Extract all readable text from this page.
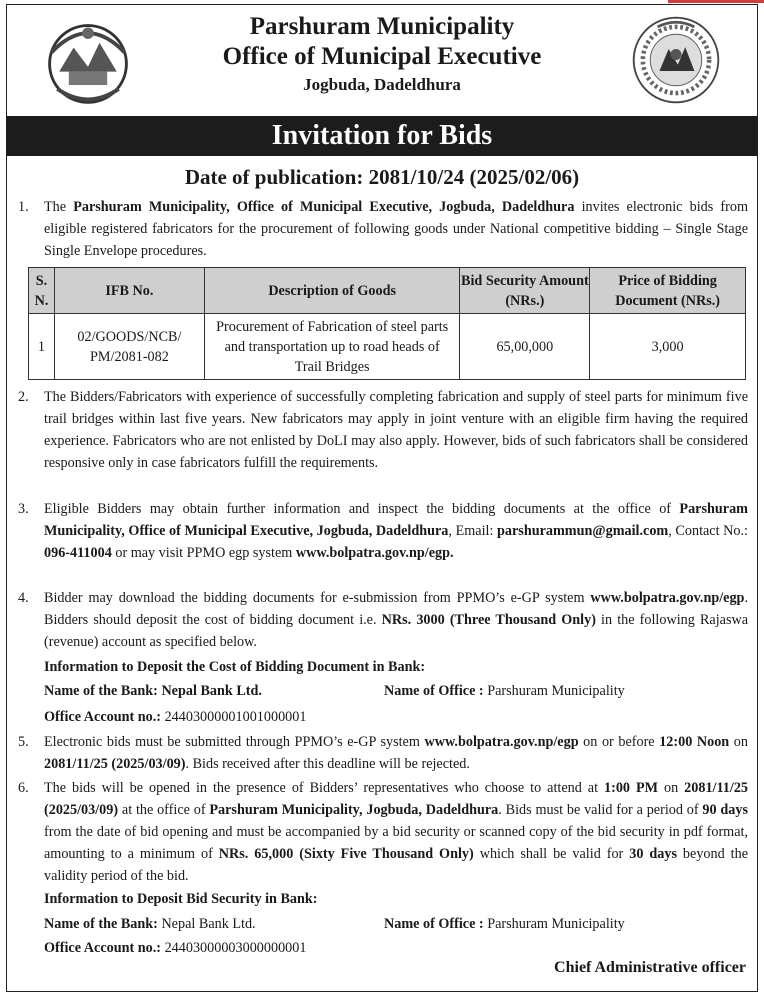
Parshuram Municipality
Office of Municipal Executive
Jogbuda, Dadeldhura
Invitation for Bids
Date of publication: 2081/10/24 (2025/02/06)
1. The Parshuram Municipality, Office of Municipal Executive, Jogbuda, Dadeldhura invites electronic bids from eligible registered fabricators for the procurement of following goods under National competitive bidding – Single Stage Single Envelope procedures.
S. N.	IFB No.	Description of Goods	Bid Security Amount (NRs.)	Price of Bidding Document (NRs.)
1	02/GOODS/NCB/ PM/2081-082	Procurement of Fabrication of steel parts and transportation up to road heads of Trail Bridges	65,00,000	3,000
2. The Bidders/Fabricators with experience of successfully completing fabrication and supply of steel parts for minimum five trail bridges within last five years. New fabricators may apply in joint venture with an eligible firm having the required experience. Fabricators who are not enlisted by DoLI may also apply. However, bids of such fabricators shall be considered responsive only in case fabricators fulfill the requirements.
3. Eligible Bidders may obtain further information and inspect the bidding documents at the office of Parshuram Municipality, Office of Municipal Executive, Jogbuda, Dadeldhura, Email: parshurammun@gmail.com, Contact No.: 096-411004 or may visit PPMO egp system www.bolpatra.gov.np/egp.
4. Bidder may download the bidding documents for e-submission from PPMO’s e-GP system www.bolpatra.gov.np/egp. Bidders should deposit the cost of bidding document i.e. NRs. 3000 (Three Thousand Only) in the following Rajaswa (revenue) account as specified below.
Information to Deposit the Cost of Bidding Document in Bank:
Name of the Bank: Nepal Bank Ltd.	Name of Office : Parshuram Municipality
Office Account no.: 24403000001001000001
5. Electronic bids must be submitted through PPMO’s e-GP system www.bolpatra.gov.np/egp on or before 12:00 Noon on 2081/11/25 (2025/03/09). Bids received after this deadline will be rejected.
6. The bids will be opened in the presence of Bidders’ representatives who choose to attend at 1:00 PM on 2081/11/25 (2025/03/09) at the office of Parshuram Municipality, Jogbuda, Dadeldhura. Bids must be valid for a period of 90 days from the date of bid opening and must be accompanied by a bid security or scanned copy of the bid security in pdf format, amounting to a minimum of NRs. 65,000 (Sixty Five Thousand Only) which shall be valid for 30 days beyond the validity period of the bid.
Information to Deposit Bid Security in Bank:
Name of the Bank: Nepal Bank Ltd.	Name of Office : Parshuram Municipality
Office Account no.: 24403000003000000001
Chief Administrative officer
